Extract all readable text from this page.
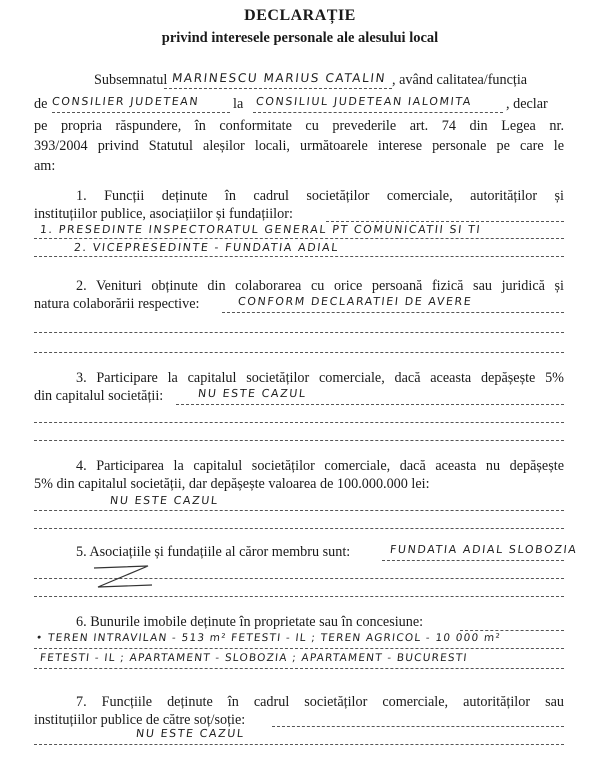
DECLARAȚIE
privind interesele personale ale alesului local
Subsemnatul MARINESCU MARIUS CATALIN , având calitatea/funcția
de CONSILIER JUDETEAN la CONSILIUL JUDETEAN IALOMITA , declar
pe propria răspundere, în conformitate cu prevederile art. 74 din Legea nr.
393/2004 privind Statutul aleșilor locali, următoarele interese personale pe care le
am:
1. Funcții deținute în cadrul societăților comerciale, autorităților și
instituțiilor publice, asociațiilor și fundațiilor:
1. PRESEDINTE INSPECTORATUL GENERAL PT COMUNICATII SI TI
2. VICEPRESEDINTE - FUNDATIA ADIAL
2. Venituri obținute din colaborarea cu orice persoană fizică sau juridică și
natura colaborării respective:	CONFORM DECLARATIEI DE AVERE
3. Participare la capitalul societăților comerciale, dacă aceasta depășește 5%
din capitalul societății:	NU ESTE CAZUL
4. Participarea la capitalul societăților comerciale, dacă aceasta nu depășește
5% din capitalul societății, dar depășește valoarea de 100.000.000 lei:
NU ESTE CAZUL
5. Asociațiile și fundațiile al căror membru sunt:	FUNDATIA ADIAL SLOBOZIA
6. Bunurile imobile deținute în proprietate sau în concesiune:
• TEREN INTRAVILAN - 513 m² FETESTI - IL ; TEREN AGRICOL - 10 000 m²
FETESTI - IL ; APARTAMENT - SLOBOZIA ; APARTAMENT - BUCURESTI
7. Funcțiile deținute în cadrul societăților comerciale, autorităților sau
instituțiilor publice de către soț/soție:
NU ESTE CAZUL
